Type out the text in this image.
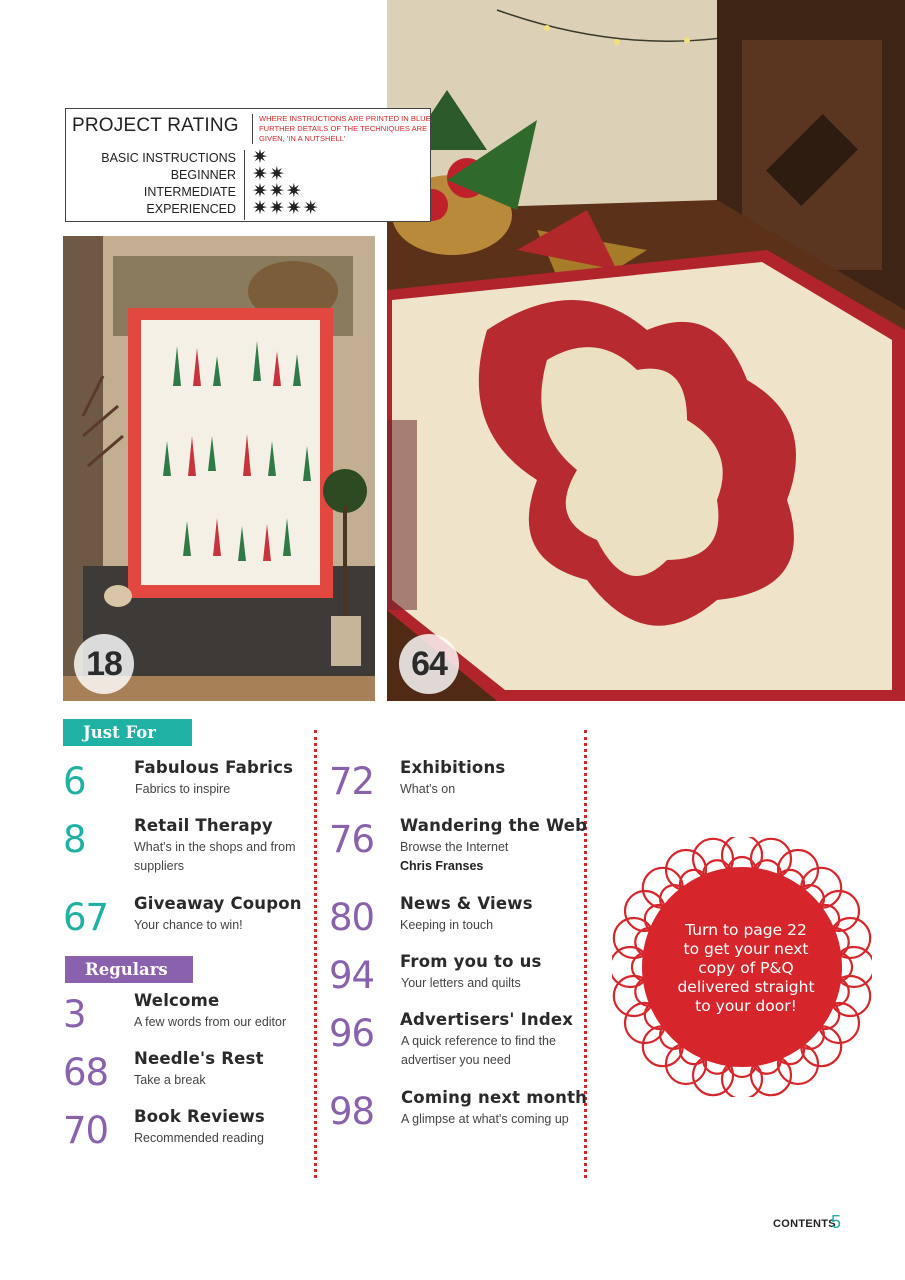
64
18
PROJECT RATING	WHERE INSTRUCTIONS ARE PRINTED IN BLUE, FURTHER DETAILS OF THE TECHNIQUES ARE GIVEN, 'IN A NUTSHELL'
BASIC INSTRUCTIONS ✷
BEGINNER ✷✷
INTERMEDIATE ✷✷✷
EXPERIENCED ✷✷✷✷
Just For You
Regulars
6	Fabulous Fabrics
Fabrics to inspire
8	Retail Therapy
What's in the shops and from suppliers
67 Giveaway Coupon
Your chance to win!
3	Welcome
A few words from our editor
68 Needle's Rest
Take a break
70 Book Reviews
Recommended reading
72 Exhibitions
What's on
76 Wandering the Web
Browse the Internet
Chris Franses
80 News & Views
Keeping in touch
94 From you to us
Your letters and quilts
96 Advertisers' Index
A quick reference to find the advertiser you need
98 Coming next month
A glimpse at what's coming up
Turn to page 22
to get your next
copy of P&Q
delivered straight
to your door!
CONTENTS
5
